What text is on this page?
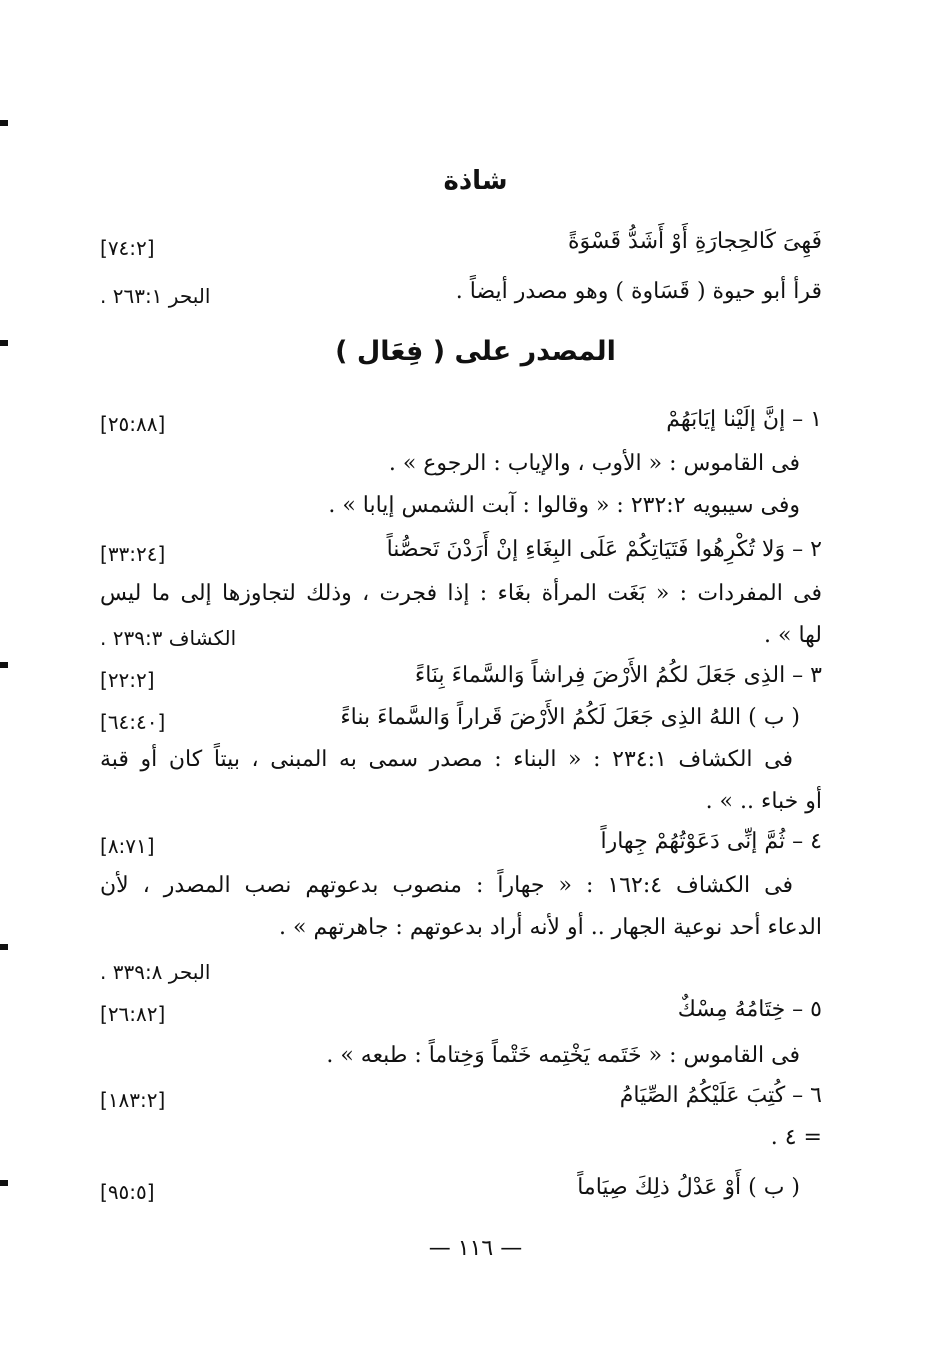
شاذة
فَهِىَ كَالحِجارَةِ أَوْ أَشَدُّ قَسْوَةً
[٧٤:٢]
قرأ أبو حيوة ( قَسَاوة ) وهو مصدر أيضاً .
البحر ٢٦٣:١ .
المصدر على ( فِعَال )
١ – إنَّ إلَيْنا إيَابَهُمْ
[٢٥:٨٨]
فى القاموس : « الأوب ، والإياب : الرجوع » .
وفى سيبويه ٢٣٢:٢ : « وقالوا : آبت الشمس إيابا » .
٢ – وَلا تُكْرِهُوا فَتَيَاتِكُمْ عَلَى البِغَاءِ إنْ أَرَدْنَ تَحصُّناً
[٣٣:٢٤]
فى المفردات : « بَغَت المرأة بغَاء : إذا فجرت ، وذلك لتجاوزها إلى ما ليس
لها » .
الكشاف ٢٣٩:٣ .
٣ – الذِى جَعَلَ لكُمُ الأَرْضَ فِراشاً وَالسَّماءَ بِنَاءً
[٢٢:٢]
( ب ) اللهُ الذِى جَعَلَ لَكُمُ الأَرْضَ قَراراً وَالسَّماءَ بناءً
[٦٤:٤٠]
فى الكشاف ٢٣٤:١ : « البناء : مصدر سمى به المبنى ، بيتاً كان أو قبة
أو خباء .. » .
٤ – ثُمَّ إنِّى دَعَوْتُهُمْ جِهاراً
[٨:٧١]
فى الكشاف ١٦٢:٤ : « جهاراً : منصوب بدعوتهم نصب المصدر ، لأن
الدعاء أحد نوعية الجهار .. أو لأنه أراد بدعوتهم : جاهرتهم » .
البحر ٣٣٩:٨ .
٥ – خِتَامُهُ مِسْكٌ
[٢٦:٨٢]
فى القاموس : « خَتَمه يَخْتِمه خَتْماً وَخِتاماً : طبعه » .
٦ – كُتِبَ عَلَيْكُمُ الصِّيَامُ
[١٨٣:٢]
= ٤ .
( ب ) أَوْ عَدْلُ ذلِكَ صِيَاماً
[٩٥:٥]
— ١١٦ —
